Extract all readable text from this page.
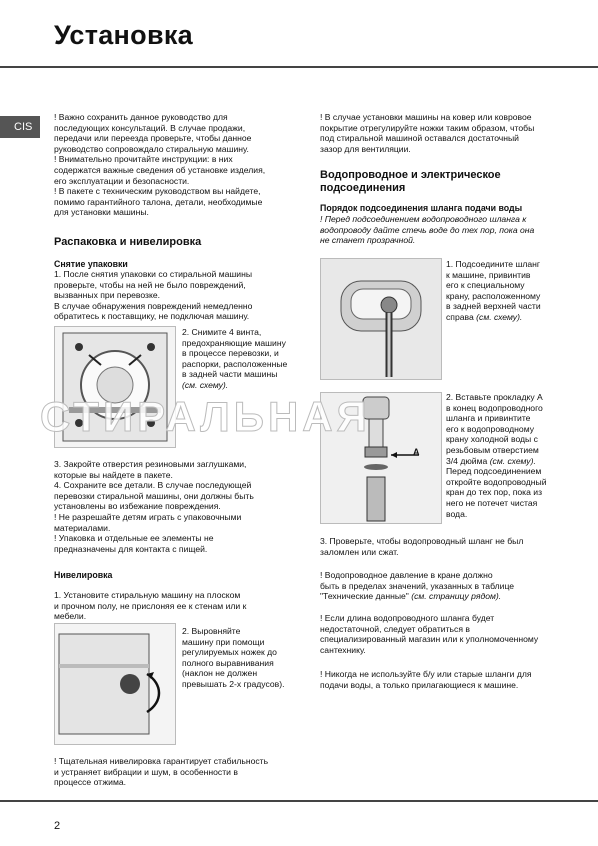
Установка
CIS

! Важно сохранить данное руководство для

последующих консультаций. В случае продажи,

передачи или переезда проверьте, чтобы данное

руководство сопровождало стиральную машину.

! Внимательно прочитайте инструкции: в них

содержатся важные сведения об установке изделия,

его эксплуатации и безопасности.

! В пакете с техническим руководством вы найдете,

помимо гарантийного талона, детали, необходимые

для установки машины.

Распаковка и нивелировка
Снятие упаковки

1. После снятия упаковки со стиральной машины

проверьте, чтобы на ней не было повреждений,

вызванных при перевозке.

В случае обнаружения повреждений немедленно

обратитесь к поставщику, не подключая машину.

2. Снимите 4 винта,

предохраняющие машину

в процессе перевозки, и

распорки, расположенные

в задней части машины

(см. схему).

3. Закройте отверстия резиновыми заглушками,

которые вы найдете в пакете.

4. Сохраните все детали. В случае последующей

перевозки стиральной машины, они должны быть

установлены во избежание повреждения.

! Не разрешайте детям играть с упаковочными

материалами.

! Упаковка и отдельные ее элементы не

предназначены для контакта с пищей.

Нивелировка

1. Установите стиральную машину на плоском

и прочном полу, не прислоняя ее к стенам или к

мебели.

2. Выровняйте

машину при помощи

регулируемых ножек до

полного выравнивания

(наклон не должен

превышать 2-х градусов).

! Тщательная нивелировка гарантирует стабильность

и устраняет вибрации и шум, в особенности в

процессе отжима.

! В случае установки машины на ковер или ковровое

покрытие отрегулируйте ножки таким образом, чтобы

под стиральной машиной оставался достаточный

зазор для вентиляции.

Водопроводное и электрическое

подсоединения

Порядок подсоединения шланга подачи воды

! Перед подсоединением водопроводного шланга к

водопроводу дайте стечь воде до тех пор, пока она

не станет прозрачной.

1. Подсоедините шланг

к машине, привинтив

его к специальному

крану, расположенному

в задней верхней части

справа (см. схему).

A

2. Вставьте прокладку А

в конец водопроводного

шланга и привинтите

его к водопроводному

крану холодной воды с

резьбовым отверстием

3/4 дюйма (см. схему).

Перед подсоединением

откройте водопроводный

кран до тех пор, пока из

него не потечет чистая

вода.

3. Проверьте, чтобы водопроводный шланг не был

заломлен или сжат.

! Водопроводное давление в кране должно

быть в пределах значений, указанных в таблице

"Технические данные" (см. страницу рядом).

! Если длина водопроводного шланга будет

недостаточной, следует обратиться в

специализированный магазин или к уполномоченному

сантехнику.

! Никогда не используйте б/у или старые шланги для

подачи воды, а только прилагающиеся к машине.

СТИРАЛЬНАЯ
2
